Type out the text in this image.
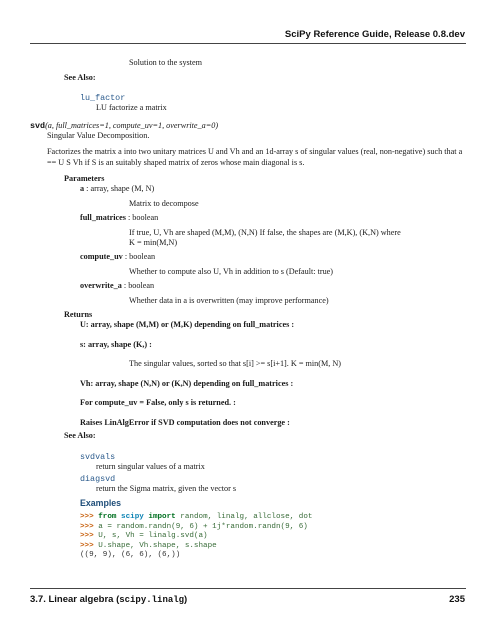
SciPy Reference Guide, Release 0.8.dev
Solution to the system
See Also:
lu_factor
LU factorize a matrix
svd(a, full_matrices=1, compute_uv=1, overwrite_a=0)
Singular Value Decomposition.
Factorizes the matrix a into two unitary matrices U and Vh and an 1d-array s of singular values (real, non-negative) such that a == U S Vh if S is an suitably shaped matrix of zeros whose main diagonal is s.
Parameters
a : array, shape (M, N)
Matrix to decompose
full_matrices : boolean
If true, U, Vh are shaped (M,M), (N,N) If false, the shapes are (M,K), (K,N) where
K = min(M,N)
compute_uv : boolean
Whether to compute also U, Vh in addition to s (Default: true)
overwrite_a : boolean
Whether data in a is overwritten (may improve performance)
Returns
U: array, shape (M,M) or (M,K) depending on full_matrices :
s: array, shape (K,) :
The singular values, sorted so that s[i] >= s[i+1]. K = min(M, N)
Vh: array, shape (N,N) or (K,N) depending on full_matrices :
For compute_uv = False, only s is returned. :
Raises LinAlgError if SVD computation does not converge :
See Also:
svdvals
return singular values of a matrix
diagsvd
return the Sigma matrix, given the vector s
Examples
>>> from scipy import random, linalg, allclose, dot
>>> a = random.randn(9, 6) + 1j*random.randn(9, 6)
>>> U, s, Vh = linalg.svd(a)
>>> U.shape, Vh.shape, s.shape
((9, 9), (6, 6), (6,))
3.7. Linear algebra (scipy.linalg)	235
